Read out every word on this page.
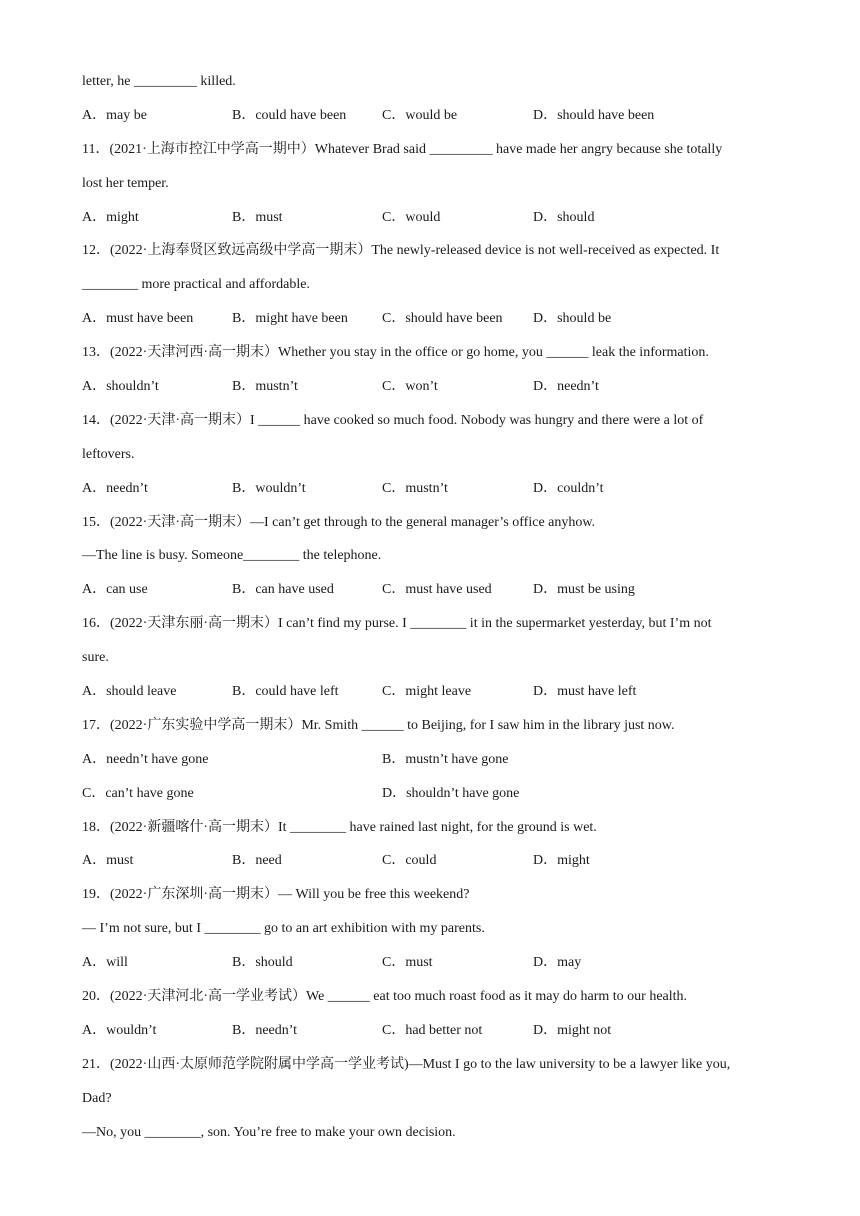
letter, he _________ killed.
A．may be	B．could have been	C．would be	D．should have been
11．(2021·上海市控江中学高一期中）Whatever Brad said _________ have made her angry because she totally
lost her temper.
A．might	B．must	C．would	D．should
12．(2022·上海奉贤区致远高级中学高一期末）The newly-released device is not well-received as expected. It
________ more practical and affordable.
A．must have been	B．might have been C．should have been D．should be
13．(2022·天津河西·高一期末）Whether you stay in the office or go home, you ______ leak the information.
A．shouldn’t	B．mustn’t	C．won’t	D．needn’t
14．(2022·天津·高一期末）I ______ have cooked so much food. Nobody was hungry and there were a lot of
leftovers.
A．needn’t	B．wouldn’t	C．mustn’t	D．couldn’t
15．(2022·天津·高一期末）—I can’t get through to the general manager’s office anyhow.
—The line is busy. Someone________ the telephone.
A．can use	B．can have used	C．must have used	D．must be using
16．(2022·天津东丽·高一期末）I can’t find my purse. I ________ it in the supermarket yesterday, but I’m not
sure.
A．should leave	B．could have left	C．might leave	D．must have left
17．(2022·广东实验中学高一期末）Mr. Smith ______ to Beijing, for I saw him in the library just now.
A．needn’t have gone	B．mustn’t have gone
C．can’t have gone	D．shouldn’t have gone
18．(2022·新疆喀什·高一期末）It ________ have rained last night, for the ground is wet.
A．must	B．need	C．could	D．might
19．(2022·广东深圳·高一期末）— Will you be free this weekend?
— I’m not sure, but I ________ go to an art exhibition with my parents.
A．will	B．should	C．must	D．may
20．(2022·天津河北·高一学业考试）We ______ eat too much roast food as it may do harm to our health.
A．wouldn’t	B．needn’t	C．had better not	D．might not
21．(2022·山西·太原师范学院附属中学高一学业考试)—Must I go to the law university to be a lawyer like you,
Dad?
—No, you ________, son. You’re free to make your own decision.
